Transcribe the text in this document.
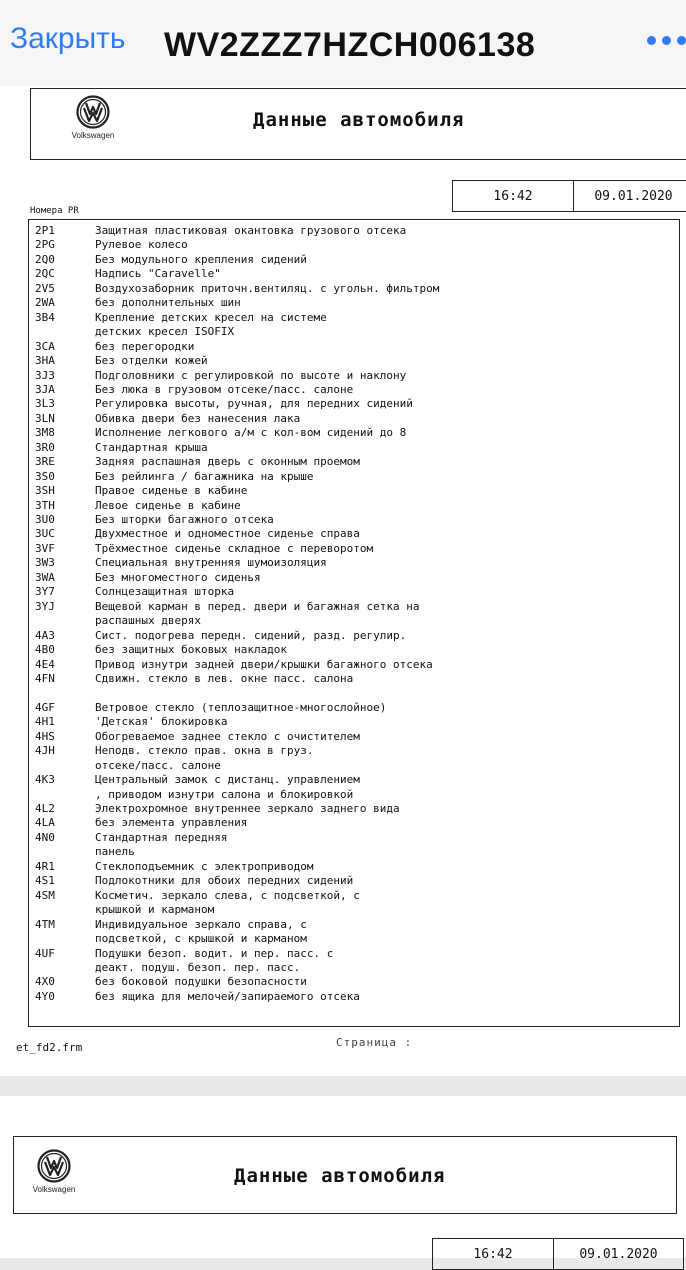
Закрыть WV2ZZZ7HZCH006138
Volkswagen
Данные автомобиля
16:42	09.01.2020
Номера PR
2P1	Защитная пластиковая окантовка грузового отсека
2PG	Рулевое колесо
2Q0	Без модульного крепления сидений
2QC	Надпись "Caravelle"
2V5	Воздухозаборник приточн.вентиляц. с угольн. фильтром
2WA	без дополнительных шин
3B4	Крепление детских кресел на системе
детских кресел ISOFIX
3CA	без перегородки
3HA	Без отделки кожей
3J3	Подголовники с регулировкой по высоте и наклону
3JA	Без люка в грузовом отсеке/пасс. салоне
3L3	Регулировка высоты, ручная, для передних сидений
3LN	Обивка двери без нанесения лака
3M8	Исполнение легкового а/м с кол-вом сидений до 8
3R0	Стандартная крыша
3RE	Задняя распашная дверь с оконным проемом
3S0	Без рейлинга / багажника на крыше
3SH	Правое сиденье в кабине
3TH	Левое сиденье в кабине
3U0	Без шторки багажного отсека
3UC	Двухместное и одноместное сиденье справа
3VF	Трёхместное сиденье складное с переворотом
3W3	Специальная внутренняя шумоизоляция
3WA	Без многоместного сиденья
3Y7	Солнцезащитная шторка
3YJ	Вещевой карман в перед. двери и багажная сетка на
распашных дверях
4A3	Сист. подогрева передн. сидений, разд. регулир.
4B0	без защитных боковых накладок
4E4	Привод изнутри задней двери/крышки багажного отсека
4FN	Сдвижн. стекло в лев. окне пасс. салона
4GF	Ветровое стекло (теплозащитное-многослойное)
4H1	'Детская' блокировка
4HS	Обогреваемое заднее стекло с очистителем
4JH	Неподв. стекло прав. окна в груз.
отсеке/пасс. салоне
4K3	Центральный замок с дистанц. управлением
, приводом изнутри салона и блокировкой
4L2	Электрохромное внутреннее зеркало заднего вида
4LA	без элемента управления
4N0	Стандартная передняя
панель
4R1	Стеклоподъемник с электроприводом
4S1	Подлокотники для обоих передних сидений
4SM	Косметич. зеркало слева, с подсветкой, с
крышкой и карманом
4TM	Индивидуальное зеркало справа, с
подсветкой, с крышкой и карманом
4UF	Подушки безоп. водит. и пер. пасс. с
деакт. подуш. безоп. пер. пасс.
4X0	без боковой подушки безопасности
4Y0	без ящика для мелочей/запираемого отсека
et_fd2.frm	Страница :
Volkswagen
Данные автомобиля
16:42	09.01.2020
